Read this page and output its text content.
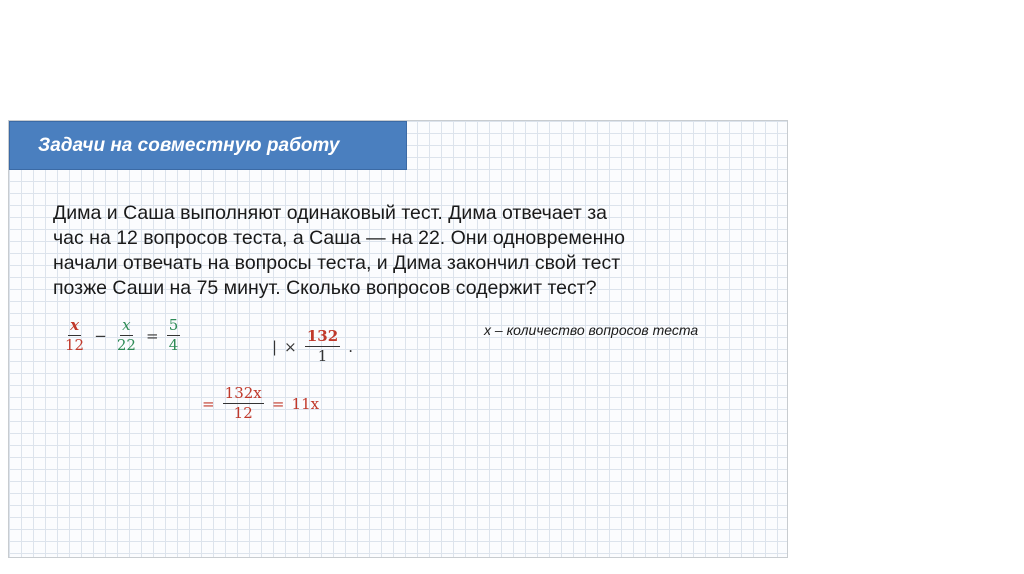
Задачи на совместную работу
Дима и Саша выполняют одинаковый тест. Дима отвечает за
час на 12 вопросов теста, а Саша — на 22. Они одновременно
начали отвечать на вопросы теста, и Дима закончил свой тест
позже Саши на 75 минут. Сколько вопросов содержит тест?
x – количество вопросов теста
$\frac{x}{12} - \frac{x}{22} = \frac{5}{4}$	| × $\frac{132}{1}$ .
= $\frac{132x}{12} = 11x$
